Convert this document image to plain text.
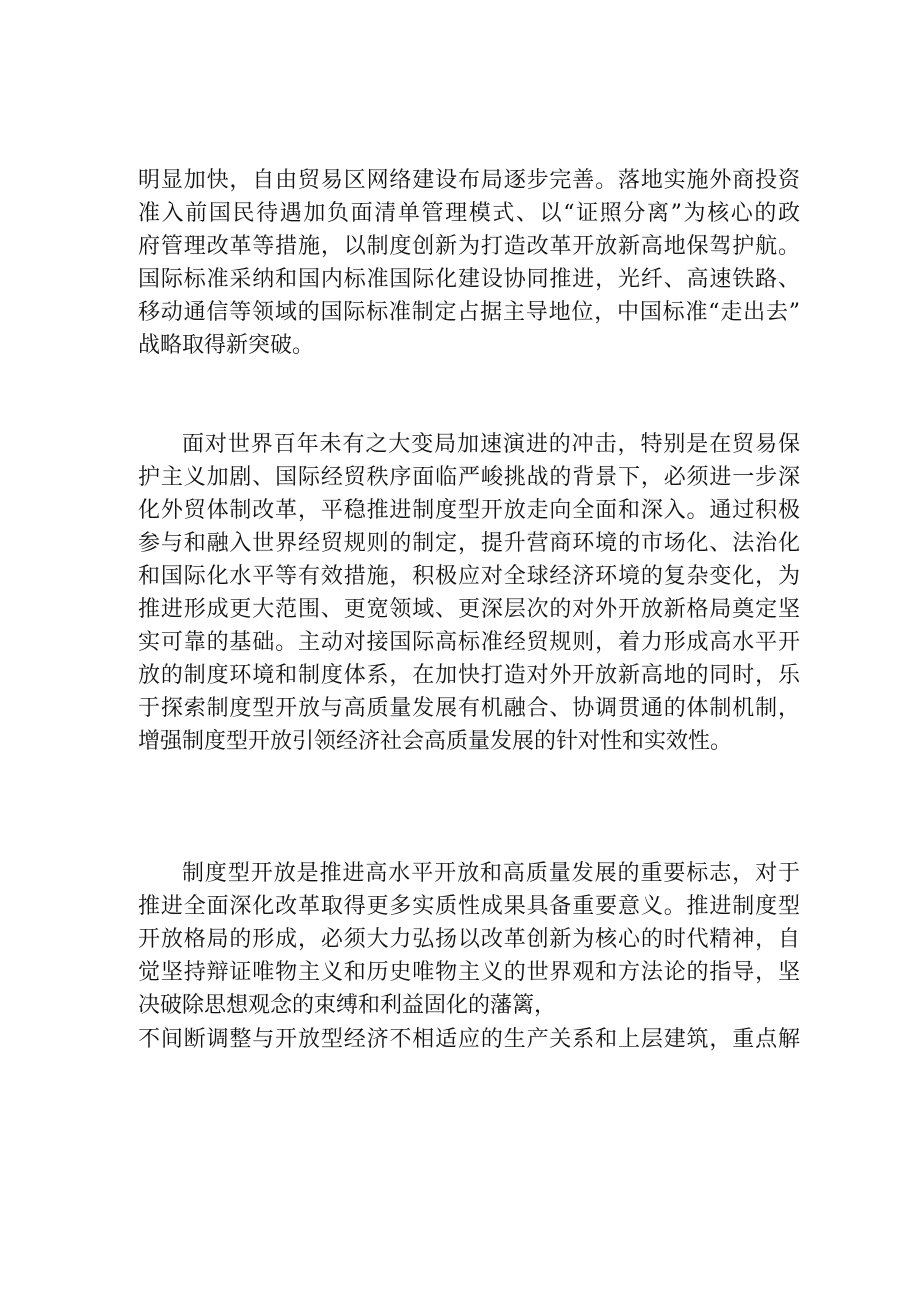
明显加快，自由贸易区网络建设布局逐步完善。落地实施外商投资
准入前国民待遇加负面清单管理模式、以“证照分离”为核心的政
府管理改革等措施，以制度创新为打造改革开放新高地保驾护航。
国际标准采纳和国内标准国际化建设协同推进，光纤、高速铁路、
移动通信等领域的国际标准制定占据主导地位，中国标准“走出去”
战略取得新突破。
面对世界百年未有之大变局加速演进的冲击，特别是在贸易保
护主义加剧、国际经贸秩序面临严峻挑战的背景下，必须进一步深
化外贸体制改革，平稳推进制度型开放走向全面和深入。通过积极
参与和融入世界经贸规则的制定，提升营商环境的市场化、法治化
和国际化水平等有效措施，积极应对全球经济环境的复杂变化，为
推进形成更大范围、更宽领域、更深层次的对外开放新格局奠定坚
实可靠的基础。主动对接国际高标准经贸规则，着力形成高水平开
放的制度环境和制度体系，在加快打造对外开放新高地的同时，乐
于探索制度型开放与高质量发展有机融合、协调贯通的体制机制，
增强制度型开放引领经济社会高质量发展的针对性和实效性。
制度型开放是推进高水平开放和高质量发展的重要标志，对于
推进全面深化改革取得更多实质性成果具备重要意义。推进制度型
开放格局的形成，必须大力弘扬以改革创新为核心的时代精神，自
觉坚持辩证唯物主义和历史唯物主义的世界观和方法论的指导，坚
决破除思想观念的束缚和利益固化的藩篱，
不间断调整与开放型经济不相适应的生产关系和上层建筑，重点解
